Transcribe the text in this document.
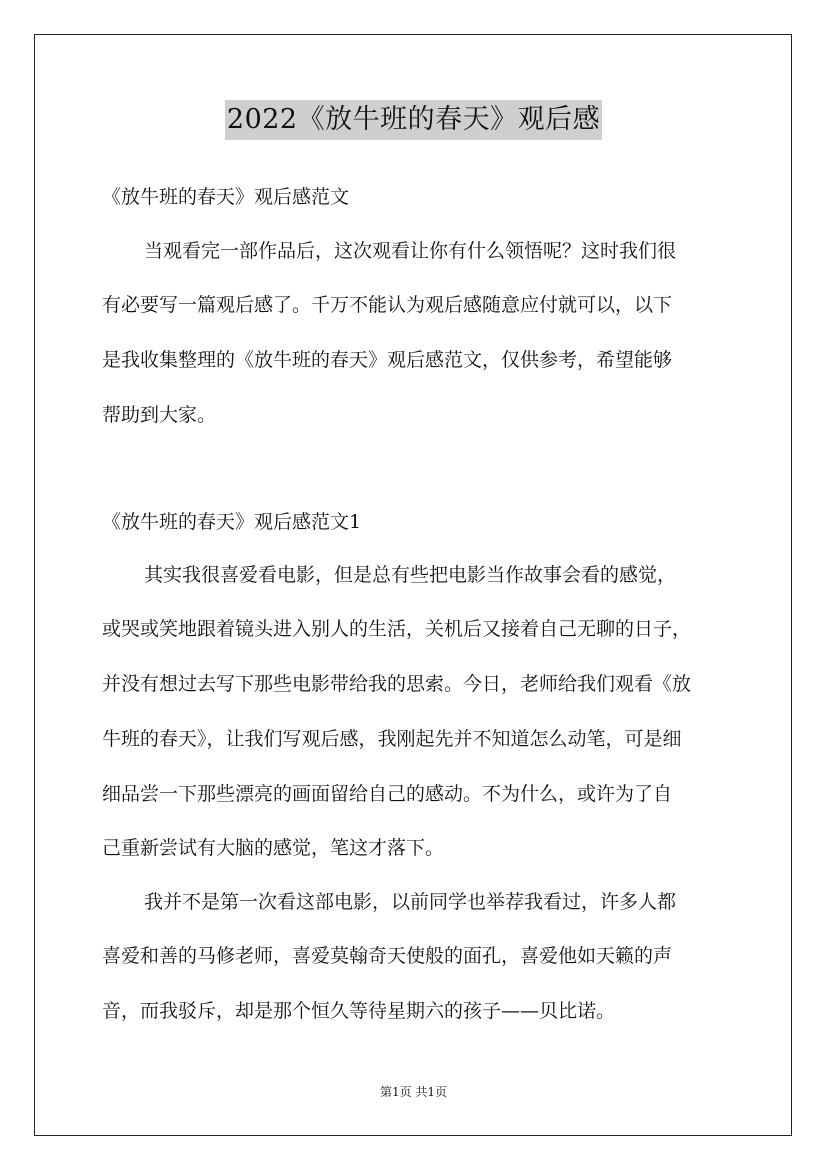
2022《放牛班的春天》观后感
《放牛班的春天》观后感范文
当观看完一部作品后，这次观看让你有什么领悟呢？这时我们很
有必要写一篇观后感了。千万不能认为观后感随意应付就可以，以下
是我收集整理的《放牛班的春天》观后感范文，仅供参考，希望能够
帮助到大家。
《放牛班的春天》观后感范文1
其实我很喜爱看电影，但是总有些把电影当作故事会看的感觉，
或哭或笑地跟着镜头进入别人的生活，关机后又接着自己无聊的日子，
并没有想过去写下那些电影带给我的思索。今日，老师给我们观看《放
牛班的春天》，让我们写观后感，我刚起先并不知道怎么动笔，可是细
细品尝一下那些漂亮的画面留给自己的感动。不为什么，或许为了自
己重新尝试有大脑的感觉，笔这才落下。
我并不是第一次看这部电影，以前同学也举荐我看过，许多人都
喜爱和善的马修老师，喜爱莫翰奇天使般的面孔，喜爱他如天籁的声
音，而我驳斥，却是那个恒久等待星期六的孩子——贝比诺。
第1页 共1页
